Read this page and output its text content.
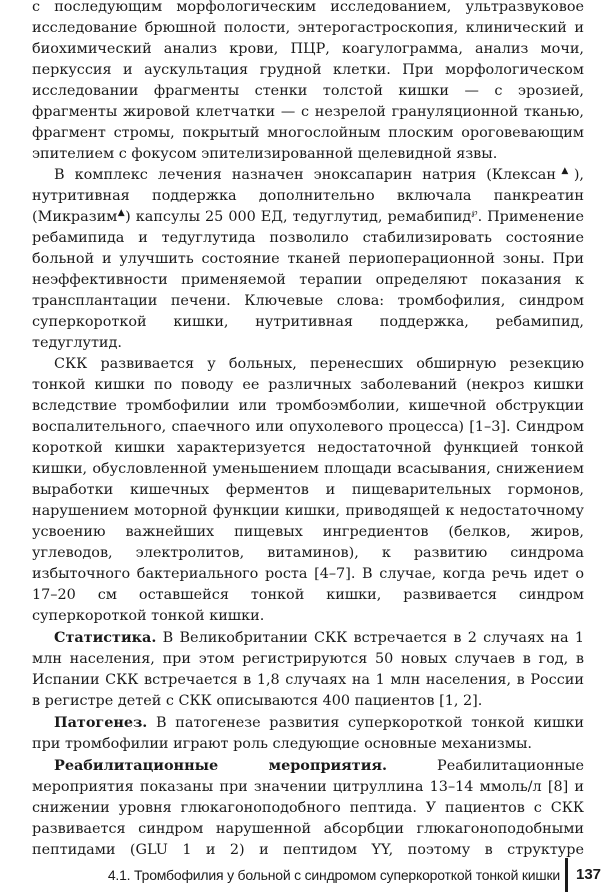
с последующим морфологическим исследованием, ультразвуковое исследование брюшной полости, энтерогастроскопия, клинический и биохимический анализ крови, ПЦР, коагулограмма, анализ мочи, перкуссия и аускультация грудной клетки. При морфологическом исследовании фрагменты стенки толстой кишки — с эрозией, фрагменты жировой клетчатки — с незрелой грануляционной тканью, фрагмент стромы, покрытый многослойным плоским ороговевающим эпителием с фокусом эпителизированной щелевидной язвы.

В комплекс лечения назначен эноксапарин натрия (Клексан▲), нутритивная поддержка дополнительно включала панкреатин (Микразим▲) капсулы 25 000 ЕД, тедуглутид, ремабипид℘. Применение ребамипида и тедуглутида позволило стабилизировать состояние больной и улучшить состояние тканей периоперационной зоны. При неэффективности применяемой терапии определяют показания к трансплантации печени. Ключевые слова: тромбофилия, синдром суперкороткой кишки, нутритивная поддержка, ребамипид, тедуглутид.

СКК развивается у больных, перенесших обширную резекцию тонкой кишки по поводу ее различных заболеваний (некроз кишки вследствие тромбофилии или тромбоэмболии, кишечной обструкции воспалительного, спаечного или опухолевого процесса) [1–3]. Синдром короткой кишки характеризуется недостаточной функцией тонкой кишки, обусловленной уменьшением площади всасывания, снижением выработки кишечных ферментов и пищеварительных гормонов, нарушением моторной функции кишки, приводящей к недостаточному усвоению важнейших пищевых ингредиентов (белков, жиров, углеводов, электролитов, витаминов), к развитию синдрома избыточного бактериального роста [4–7]. В случае, когда речь идет о 17–20 см оставшейся тонкой кишки, развивается синдром суперкороткой тонкой кишки.

Статистика. В Великобритании СКК встречается в 2 случаях на 1 млн населения, при этом регистрируются 50 новых случаев в год, в Испании СКК встречается в 1,8 случаях на 1 млн населения, в России в регистре детей с СКК описываются 400 пациентов [1, 2].

Патогенез. В патогенезе развития суперкороткой тонкой кишки при тромбофилии играют роль следующие основные механизмы.

Реабилитационные мероприятия.	Реабилитационные мероприятия показаны при значении цитруллина 13–14 ммоль/л [8] и снижении уровня глюкагоноподобного пептида. У пациентов с СКК развивается синдром нарушенной абсорбции глюкагоноподобными пептидами (GLU 1 и 2) и пептидом YY, поэтому в структуре

4.1. Тромбофилия у больной с синдромом суперкороткой тонкой кишки 137
